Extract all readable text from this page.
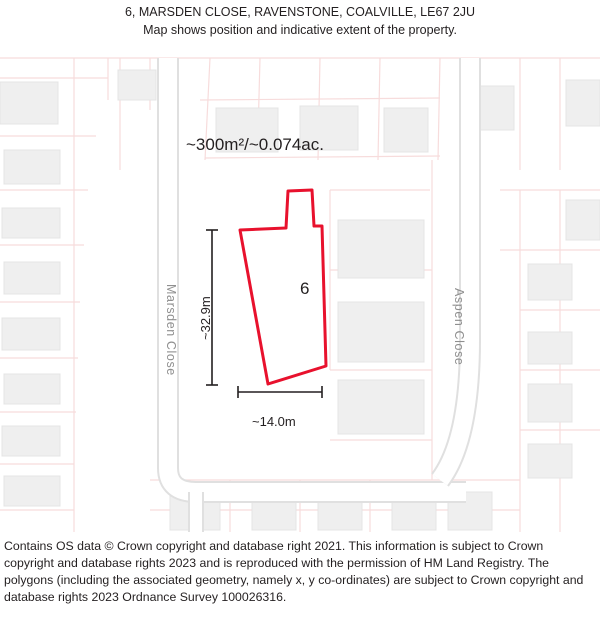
6, MARSDEN CLOSE, RAVENSTONE, COALVILLE, LE67 2JU
Map shows position and indicative extent of the property.
~300m²/~0.074ac.
6
~14.0m
~32.9m
Marsden Close	Aspen Close

Contains OS data © Crown copyright and database right 2021. This information is subject to Crown copyright and database rights 2023 and is reproduced with the permission of HM Land Registry. The polygons (including the associated geometry, namely x, y co-ordinates) are subject to Crown copyright and database rights 2023 Ordnance Survey 100026316.
